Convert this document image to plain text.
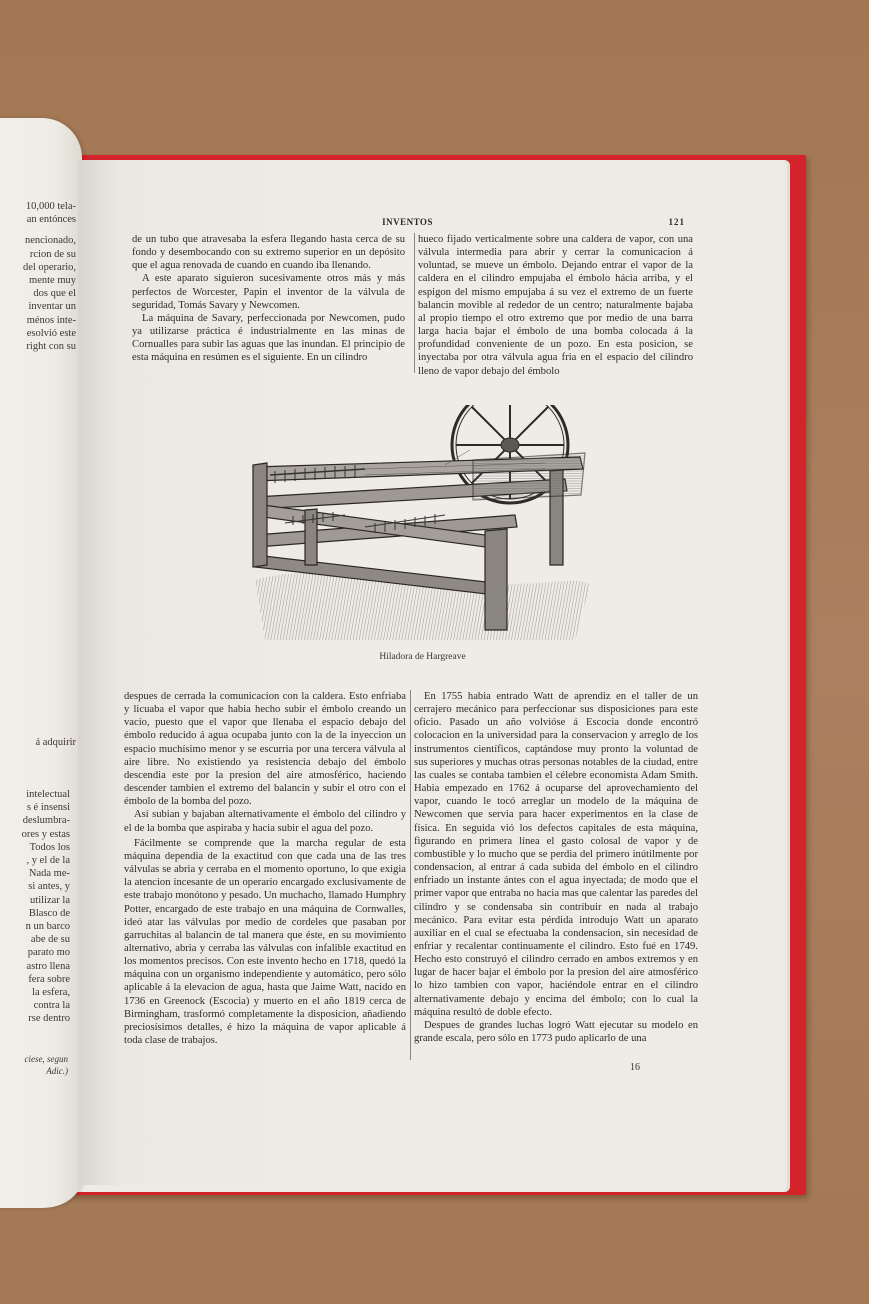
10,000 tela-
an entónces
nencionado,
rcion de su
del operario,
mente muy
dos que el
inventar un
ménos inte-
esolvió este
right con su
á adquirir
intelectual
s é insensi
deslumbra-
ores y estas
Todos los
, y el de la
Nada me-
si antes, y
utilizar la
Blasco de
n un barco
abe de su
parato mo
astro llena
fera sobre
la esfera,
contra la
rse dentro
ciese, segun
Adic.)
INVENTOS	121

de un tubo que atravesaba la esfera llegando hasta cerca de su fondo y desembocando con su extremo superior en un depósito que el agua renovada de cuando en cuando iba llenando.

A este aparato siguieron sucesivamente otros más y más perfectos de Worcester, Papin el inventor de la válvula de seguridad, Tomás Savary y Newcomen.

La máquina de Savary, perfeccionada por Newcomen, pudo ya utilizarse práctica é industrialmente en las minas de Cornualles para subir las aguas que las inundan. El principio de esta máquina en resúmen es el siguiente. En un cilindro

hueco fijado verticalmente sobre una caldera de vapor, con una válvula intermedia para abrir y cerrar la comunicacion á voluntad, se mueve un émbolo. Dejando entrar el vapor de la caldera en el cilindro empujaba el émbolo hácia arriba, y el espigon del mismo empujaba á su vez el extremo de un fuerte balancin movible al rededor de un centro; naturalmente bajaba al propio tiempo el otro extremo que por medio de una barra larga hacia bajar el émbolo de una bomba colocada á la profundidad conveniente de un pozo. En esta posicion, se inyectaba por otra válvula agua fria en el espacio del cilindro lleno de vapor debajo del émbolo

Hiladora de Hargreave

despues de cerrada la comunicacion con la caldera. Esto enfriaba y licuaba el vapor que habia hecho subir el émbolo creando un vacío, puesto que el vapor que llenaba el espacio debajo del émbolo reducido á agua ocupaba junto con la de la inyeccion un espacio muchísimo menor y se escurria por una tercera válvula al aire libre. No existiendo ya resistencia debajo del émbolo descendia este por la presion del aire atmosférico, haciendo descender tambien el extremo del balancin y subir el otro con el émbolo de la bomba del pozo.

Así subian y bajaban alternativamente el émbolo del cilindro y el de la bomba que aspiraba y hacia subir el agua del pozo.

Fácilmente se comprende que la marcha regular de esta máquina dependia de la exactitud con que cada una de las tres válvulas se abria y cerraba en el momento oportuno, lo que exigia la atencion incesante de un operario encargado exclusivamente de este trabajo monótono y pesado. Un muchacho, llamado Humphry Potter, encargado de este trabajo en una máquina de Cornwalles, ideó atar las válvulas por medio de cordeles que pasaban por garruchitas al balancin de tal manera que éste, en su movimiento alternativo, abria y cerraba las válvulas con infalible exactitud en los momentos precisos. Con este invento hecho en 1718, quedó la máquina con un organismo independiente y automático, pero sólo aplicable á la elevacion de agua, hasta que Jaime Watt, nacido en 1736 en Greenock (Escocia) y muerto en el año 1819 cerca de Birmingham, trasformó completamente la disposicion, añadiendo preciosísimos detalles, é hizo la máquina de vapor aplicable á toda clase de trabajos.

En 1755 habia entrado Watt de aprendiz en el taller de un cerrajero mecánico para perfeccionar sus disposiciones para este oficio. Pasado un año volvióse á Escocia donde encontró colocacion en la universidad para la conservacion y arreglo de los instrumentos científicos, captándose muy pronto la voluntad de sus superiores y muchas otras personas notables de la ciudad, entre las cuales se contaba tambien el célebre economista Adam Smith. Habia empezado en 1762 á ocuparse del aprovechamiento del vapor, cuando le tocó arreglar un modelo de la máquina de Newcomen que servia para hacer experimentos en la clase de física. En seguida vió los defectos capitales de esta máquina, figurando en primera línea el gasto colosal de vapor y de combustible y lo mucho que se perdia del primero inútilmente por condensacion, al entrar á cada subida del émbolo en el cilindro enfriado un instante ántes con el agua inyectada; de modo que el primer vapor que entraba no hacia mas que calentar las paredes del cilindro y se condensaba sin contribuir en nada al trabajo mecánico. Para evitar esta pérdida introdujo Watt un aparato auxiliar en el cual se efectuaba la condensacion, sin necesidad de enfriar y recalentar continuamente el cilindro. Esto fué en 1749. Hecho esto construyó el cilindro cerrado en ambos extremos y en lugar de hacer bajar el émbolo por la presion del aire atmosférico lo hizo tambien con vapor, haciéndole entrar en el cilindro alternativamente debajo y encima del émbolo; con lo cual la máquina resultó de doble efecto.

Despues de grandes luchas logró Watt ejecutar su modelo en grande escala, pero sólo en 1773 pudo aplicarlo de una

16
